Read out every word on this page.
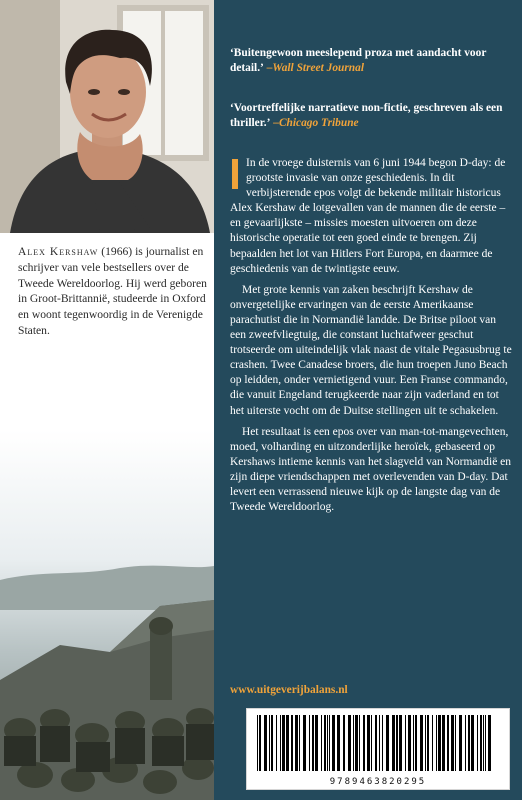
Alex Kershaw (1966) is journalist en schrijver van vele bestsellers over de Tweede Wereldoorlog. Hij werd geboren in Groot-Brittannië, studeerde in Oxford en woont tegenwoordig in de Verenigde Staten.
‘Buitengewoon meeslepend proza met aandacht voor detail.’ –Wall Street Journal
‘Voortreffelijke narratieve non-fictie, geschreven als een thriller.’ –Chicago Tribune

In de vroege duisternis van 6 juni 1944 begon D-day: de grootste invasie van onze geschiedenis. In dit verbijsterende epos volgt de bekende militair historicus Alex Kershaw de lotgevallen van de mannen die de eerste – en gevaarlijkste – missies moesten uitvoeren om deze historische operatie tot een goed einde te brengen. Zij bepaalden het lot van Hitlers Fort Europa, en daarmee de geschiedenis van de twintigste eeuw.

Met grote kennis van zaken beschrijft Kershaw de onvergetelijke ervaringen van de eerste Amerikaanse parachutist die in Normandië landde. De Britse piloot van een zweefvliegtuig, die constant luchtafweer geschut trotseerde om uiteindelijk vlak naast de vitale Pegasusbrug te crashen. Twee Canadese broers, die hun troepen Juno Beach op leidden, onder vernietigend vuur. Een Franse commando, die vanuit Engeland terugkeerde naar zijn vaderland en tot het uiterste vocht om de Duitse stellingen uit te schakelen.

Het resultaat is een epos over van man-tot-mangevechten, moed, volharding en uitzonderlijke heroïek, gebaseerd op Kershaws intieme kennis van het slagveld van Normandië en zijn diepe vriendschappen met overlevenden van D-day. Dat levert een verrassend nieuwe kijk op de langste dag van de Tweede Wereldoorlog.

www.uitgeverijbalans.nl
9789463820295
